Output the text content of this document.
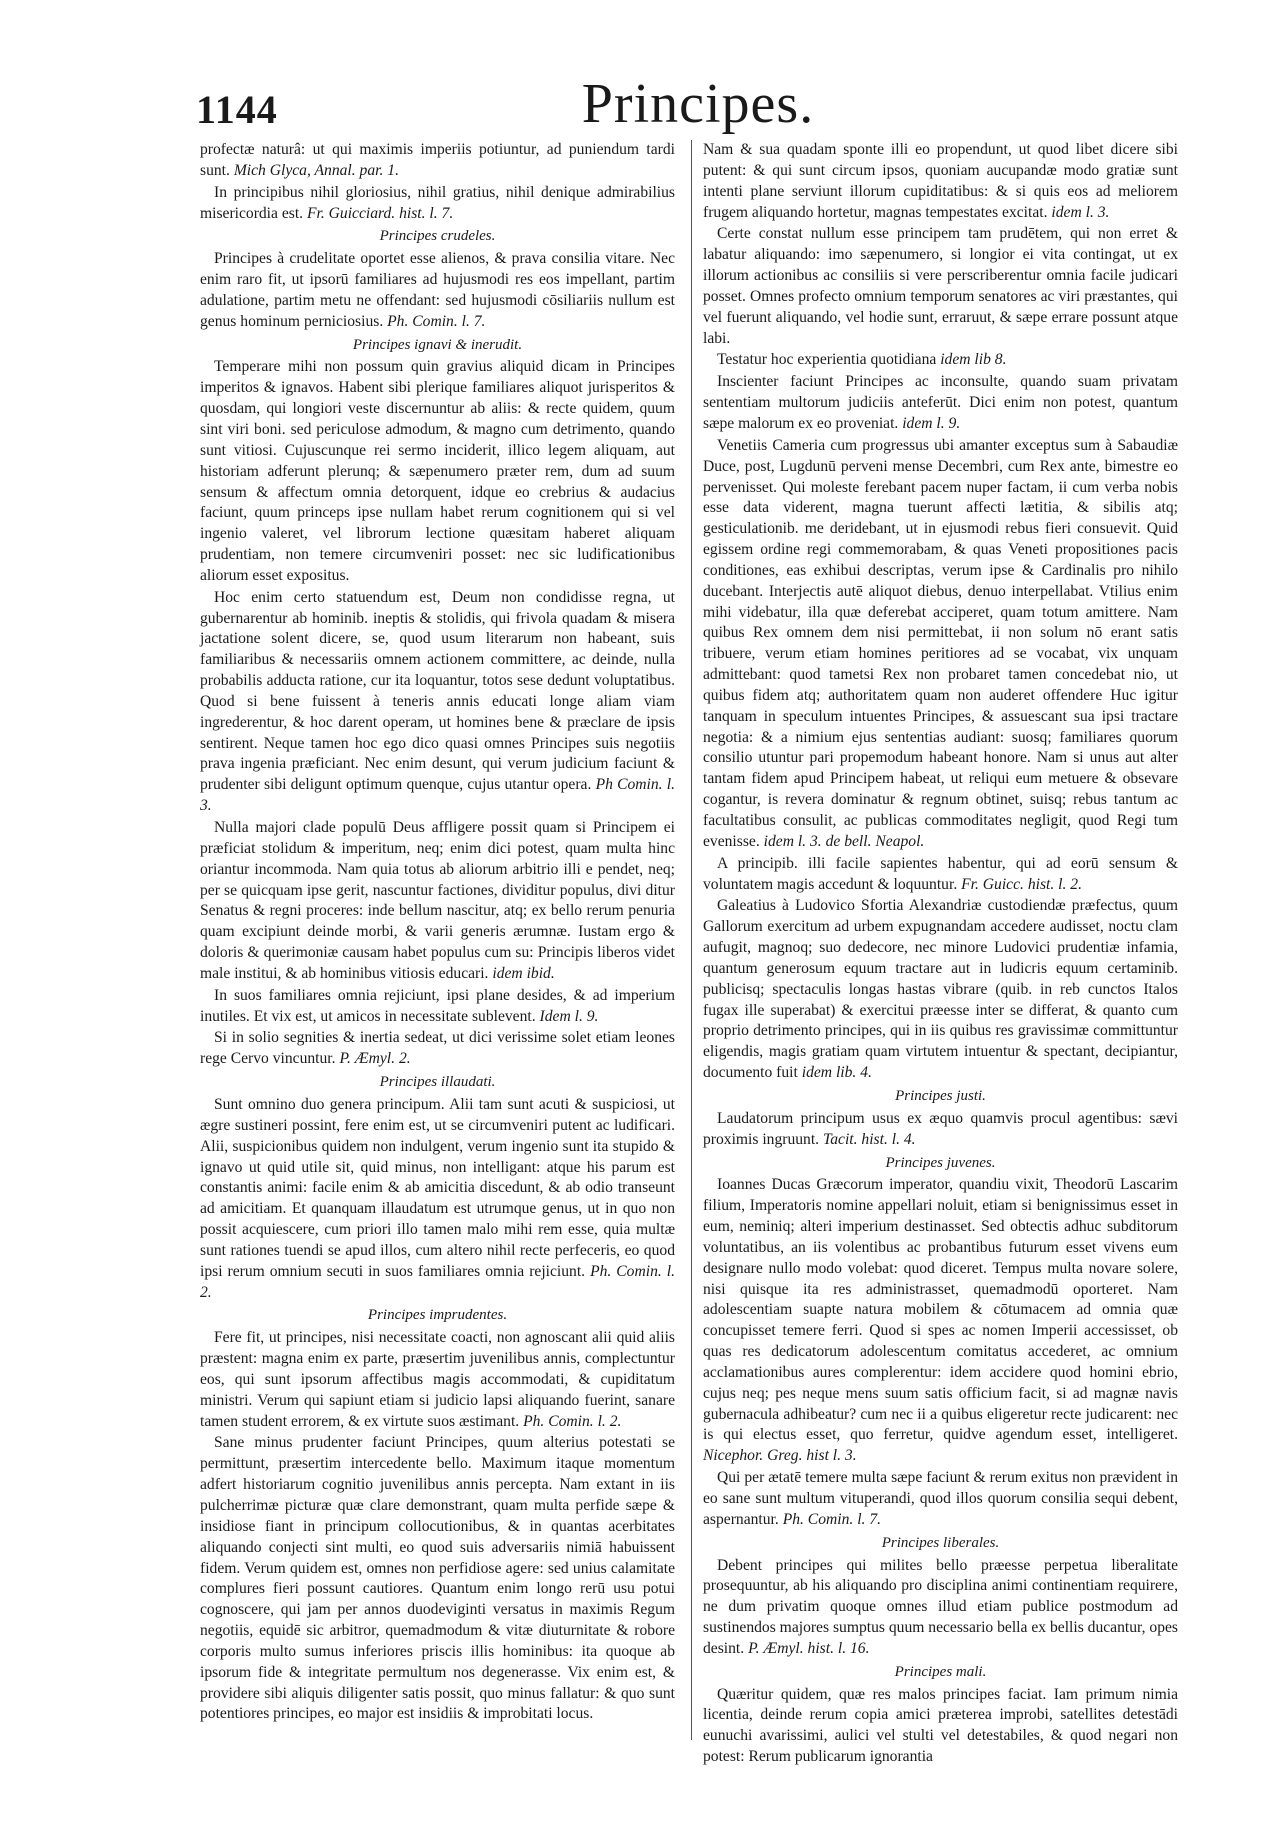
1144	Principes.

profectæ naturâ: ut qui maximis imperiis potiuntur, ad puniendum tardi sunt. Mich Glyca, Annal. par. 1.

In principibus nihil gloriosius, nihil gratius, nihil denique admirabilius misericordia est. Fr. Guicciard. hist. l. 7.

Principes crudeles.

Principes à crudelitate oportet esse alienos, & prava consilia vitare. Nec enim raro fit, ut ipsorū familiares ad hujusmodi res eos impellant, partim adulatione, partim metu ne offendant: sed hujusmodi cōsiliariis nullum est genus hominum perniciosius. Ph. Comin. l. 7.

Principes ignavi & inerudit.

Temperare mihi non possum quin gravius aliquid dicam in Principes imperitos & ignavos. Habent sibi plerique familiares aliquot jurisperitos & quosdam, qui longiori veste discernuntur ab aliis: & recte quidem, quum sint viri boni. sed periculose admodum, & magno cum detrimento, quando sunt vitiosi. Cujuscunque rei sermo inciderit, illico legem aliquam, aut historiam adferunt plerunq; & sæpenumero præter rem, dum ad suum sensum & affectum omnia detorquent, idque eo crebrius & audacius faciunt, quum princeps ipse nullam habet rerum cognitionem qui si vel ingenio valeret, vel librorum lectione quæsitam haberet aliquam prudentiam, non temere circumveniri posset: nec sic ludificationibus aliorum esset expositus.

Hoc enim certo statuendum est, Deum non condidisse regna, ut gubernarentur ab hominib. ineptis & stolidis, qui frivola quadam & misera jactatione solent dicere, se, quod usum literarum non habeant, suis familiaribus & necessariis omnem actionem committere, ac deinde, nulla probabilis adducta ratione, cur ita loquantur, totos sese dedunt voluptatibus. Quod si bene fuissent à teneris annis educati longe aliam viam ingrederentur, & hoc darent operam, ut homines bene & præclare de ipsis sentirent. Neque tamen hoc ego dico quasi omnes Principes suis negotiis prava ingenia præficiant. Nec enim desunt, qui verum judicium faciunt & prudenter sibi deligunt optimum quenque, cujus utantur opera. Ph Comin. l. 3.

Nulla majori clade populū Deus affligere possit quam si Principem ei præficiat stolidum & imperitum, neq; enim dici potest, quam multa hinc oriantur incommoda. Nam quia totus ab aliorum arbitrio illi e pendet, neq; per se quicquam ipse gerit, nascuntur factiones, dividitur populus, divi ditur Senatus & regni proceres: inde bellum nascitur, atq; ex bello rerum penuria quam excipiunt deinde morbi, & varii generis ærumnæ. Iustam ergo & doloris & querimoniæ causam habet populus cum su: Principis liberos videt male institui, & ab hominibus vitiosis educari. idem ibid.

In suos familiares omnia rejiciunt, ipsi plane desides, & ad imperium inutiles. Et vix est, ut amicos in necessitate sublevent. Idem l. 9.

Si in solio segnities & inertia sedeat, ut dici verissime solet etiam leones rege Cervo vincuntur. P. Æmyl. 2.

Principes illaudati.

Sunt omnino duo genera principum. Alii tam sunt acuti & suspiciosi, ut ægre sustineri possint, fere enim est, ut se circumveniri putent ac ludificari. Alii, suspicionibus quidem non indulgent, verum ingenio sunt ita stupido & ignavo ut quid utile sit, quid minus, non intelligant: atque his parum est constantis animi: facile enim & ab amicitia discedunt, & ab odio transeunt ad amicitiam. Et quanquam illaudatum est utrumque genus, ut in quo non possit acquiescere, cum priori illo tamen malo mihi rem esse, quia multæ sunt rationes tuendi se apud illos, cum altero nihil recte perfeceris, eo quod ipsi rerum omnium secuti in suos familiares omnia rejiciunt. Ph. Comin. l. 2.

Principes imprudentes.

Fere fit, ut principes, nisi necessitate coacti, non agnoscant alii quid aliis præstent: magna enim ex parte, præsertim juvenilibus annis, complectuntur eos, qui sunt ipsorum affectibus magis accommodati, & cupiditatum ministri. Verum qui sapiunt etiam si judicio lapsi aliquando fuerint, sanare tamen student errorem, & ex virtute suos æstimant. Ph. Comin. l. 2.

Sane minus prudenter faciunt Principes, quum alterius potestati se permittunt, præsertim intercedente bello. Maximum itaque momentum adfert historiarum cognitio juvenilibus annis percepta. Nam extant in iis pulcherrimæ picturæ quæ clare demonstrant, quam multa perfide sæpe & insidiose fiant in principum collocutionibus, & in quantas acerbitates aliquando conjecti sint multi, eo quod suis adversariis nimiā habuissent fidem. Verum quidem est, omnes non perfidiose agere: sed unius calamitate complures fieri possunt cautiores. Quantum enim longo rerū usu potui cognoscere, qui jam per annos duodeviginti versatus in maximis Regum negotiis, equidē sic arbitror, quemadmodum & vitæ diuturnitate & robore corporis multo sumus inferiores priscis illis hominibus: ita quoque ab ipsorum fide & integritate permultum nos degenerasse. Vix enim est, & providere sibi aliquis diligenter satis possit, quo minus fallatur: & quo sunt potentiores principes, eo major est insidiis & improbitati locus.

Nam & sua quadam sponte illi eo propendunt, ut quod libet dicere sibi putent: & qui sunt circum ipsos, quoniam aucupandæ modo gratiæ sunt intenti plane serviunt illorum cupiditatibus: & si quis eos ad meliorem frugem aliquando hortetur, magnas tempestates excitat. idem l. 3.

Certe constat nullum esse principem tam prudētem, qui non erret & labatur aliquando: imo sæpenumero, si longior ei vita contingat, ut ex illorum actionibus ac consiliis si vere perscriberentur omnia facile judicari posset. Omnes profecto omnium temporum senatores ac viri præstantes, qui vel fuerunt aliquando, vel hodie sunt, erraruut, & sæpe errare possunt atque labi.

Testatur hoc experientia quotidiana idem lib 8.

Inscienter faciunt Principes ac inconsulte, quando suam privatam sententiam multorum judiciis anteferūt. Dici enim non potest, quantum sæpe malorum ex eo proveniat. idem l. 9.

Venetiis Cameria cum progressus ubi amanter exceptus sum à Sabaudiæ Duce, post, Lugdunū perveni mense Decembri, cum Rex ante, bimestre eo pervenisset. Qui moleste ferebant pacem nuper factam, ii cum verba nobis esse data viderent, magna tuerunt affecti lætitia, & sibilis atq; gesticulationib. me deridebant, ut in ejusmodi rebus fieri consuevit. Quid egissem ordine regi commemorabam, & quas Veneti propositiones pacis conditiones, eas exhibui descriptas, verum ipse & Cardinalis pro nihilo ducebant. Interjectis autē aliquot diebus, denuo interpellabat. Vtilius enim mihi videbatur, illa quæ deferebat acciperet, quam totum amittere. Nam quibus Rex omnem dem nisi permittebat, ii non solum nō erant satis tribuere, verum etiam homines peritiores ad se vocabat, vix unquam admittebant: quod tametsi Rex non probaret tamen concedebat nio, ut quibus fidem atq; authoritatem quam non auderet offendere Huc igitur tanquam in speculum intuentes Principes, & assuescant sua ipsi tractare negotia: & a nimium ejus sententias audiant: suosq; familiares quorum consilio utuntur pari propemodum habeant honore. Nam si unus aut alter tantam fidem apud Principem habeat, ut reliqui eum metuere & obsevare cogantur, is revera dominatur & regnum obtinet, suisq; rebus tantum ac facultatibus consulit, ac publicas commoditates negligit, quod Regi tum evenisse. idem l. 3. de bell. Neapol.

A principib. illi facile sapientes habentur, qui ad eorū sensum & voluntatem magis accedunt & loquuntur. Fr. Guicc. hist. l. 2.

Galeatius à Ludovico Sfortia Alexandriæ custodiendæ præfectus, quum Gallorum exercitum ad urbem expugnandam accedere audisset, noctu clam aufugit, magnoq; suo dedecore, nec minore Ludovici prudentiæ infamia, quantum generosum equum tractare aut in ludicris equum certaminib. publicisq; spectaculis longas hastas vibrare (quib. in reb cunctos Italos fugax ille superabat) & exercitui præesse inter se differat, & quanto cum proprio detrimento principes, qui in iis quibus res gravissimæ committuntur eligendis, magis gratiam quam virtutem intuentur & spectant, decipiantur, documento fuit idem lib. 4.

Principes justi.

Laudatorum principum usus ex æquo quamvis procul agentibus: sævi proximis ingruunt. Tacit. hist. l. 4.

Principes juvenes.

Ioannes Ducas Græcorum imperator, quandiu vixit, Theodorū Lascarim filium, Imperatoris nomine appellari noluit, etiam si benignissimus esset in eum, neminiq; alteri imperium destinasset. Sed obtectis adhuc subditorum voluntatibus, an iis volentibus ac probantibus futurum esset vivens eum designare nullo modo volebat: quod diceret. Tempus multa novare solere, nisi quisque ita res administrasset, quemadmodū oporteret. Nam adolescentiam suapte natura mobilem & cōtumacem ad omnia quæ concupisset temere ferri. Quod si spes ac nomen Imperii accessisset, ob quas res dedicatorum adolescentum comitatus accederet, ac omnium acclamationibus aures complerentur: idem accidere quod homini ebrio, cujus neq; pes neque mens suum satis officium facit, si ad magnæ navis gubernacula adhibeatur? cum nec ii a quibus eligeretur recte judicarent: nec is qui electus esset, quo ferretur, quidve agendum esset, intelligeret. Nicephor. Greg. hist l. 3.

Qui per ætatē temere multa sæpe faciunt & rerum exitus non prævident in eo sane sunt multum vituperandi, quod illos quorum consilia sequi debent, aspernantur. Ph. Comin. l. 7.

Principes liberales.

Debent principes qui milites bello præesse perpetua liberalitate prosequuntur, ab his aliquando pro disciplina animi continentiam requirere, ne dum privatim quoque omnes illud etiam publice postmodum ad sustinendos majores sumptus quum necessario bella ex bellis ducantur, opes desint. P. Æmyl. hist. l. 16.

Principes mali.

Quæritur quidem, quæ res malos principes faciat. Iam primum nimia licentia, deinde rerum copia amici præterea improbi, satellites detestādi eunuchi avarissimi, aulici vel stulti vel detestabiles, & quod negari non potest: Rerum publicarum ignorantia
